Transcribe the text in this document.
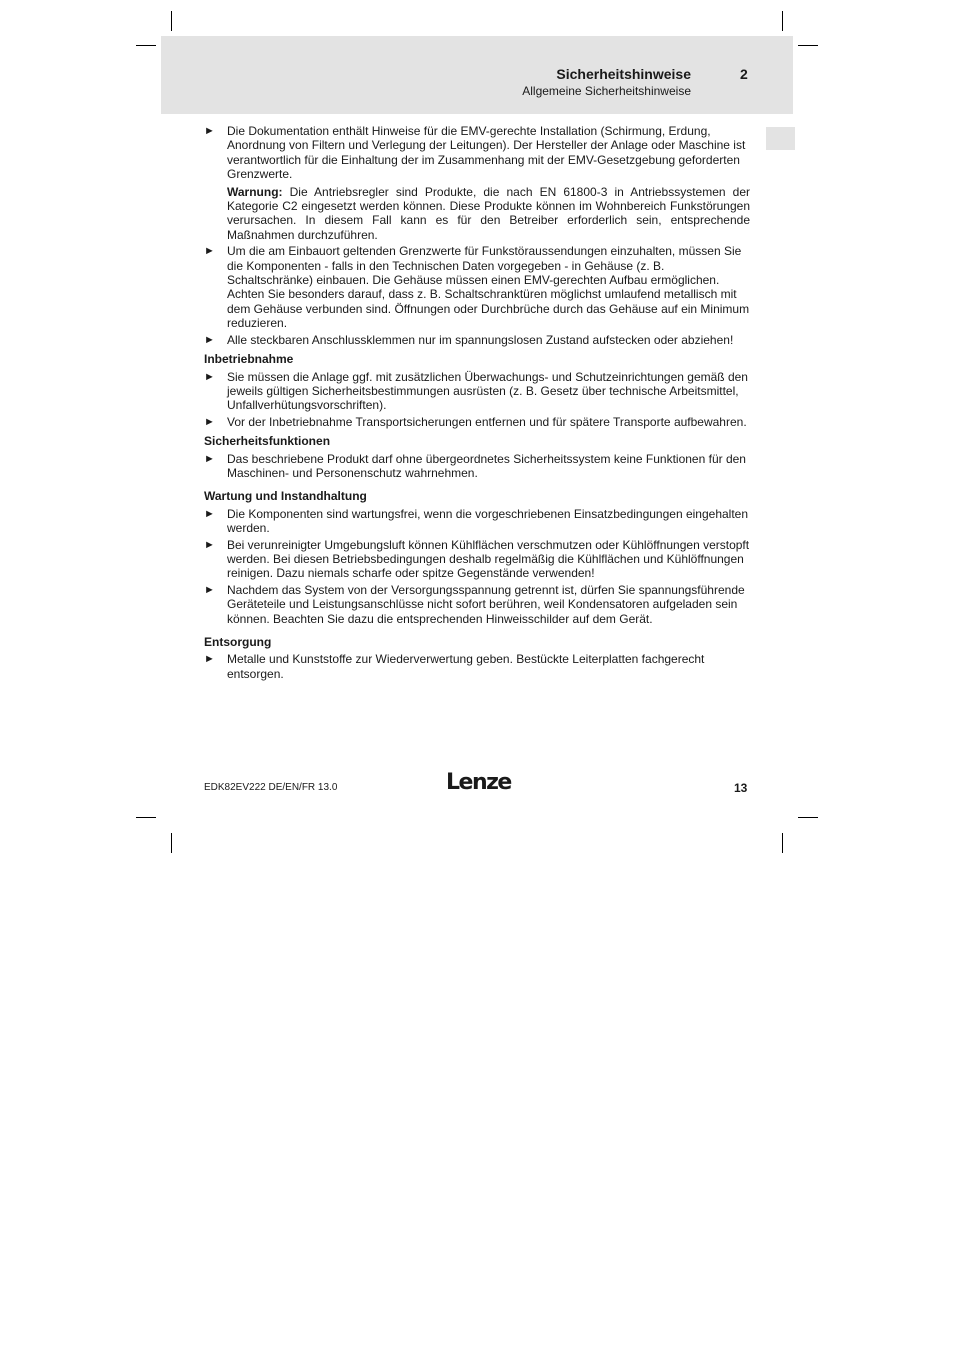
Sicherheitshinweise	2
Allgemeine Sicherheitshinweise
► Die Dokumentation enthält Hinweise für die EMV-gerechte Installation (Schirmung, Erdung, Anordnung von Filtern und Verlegung der Leitungen). Der Hersteller der Anlage oder Maschine ist verantwortlich für die Einhaltung der im Zusammenhang mit der EMV-Gesetzgebung geforderten Grenzwerte.

Warnung: Die Antriebsregler sind Produkte, die nach EN 61800-3 in Antriebssystemen der Kategorie C2 eingesetzt werden können. Diese Produkte können im Wohnbereich Funkstörungen verursachen. In diesem Fall kann es für den Betreiber erforderlich sein, entsprechende Maßnahmen durchzuführen.

► Um die am Einbauort geltenden Grenzwerte für Funkstöraussendungen einzuhalten, müssen Sie die Komponenten - falls in den Technischen Daten vorgegeben - in Gehäuse (z. B. Schaltschränke) einbauen. Die Gehäuse müssen einen EMV-gerechten Aufbau ermöglichen. Achten Sie besonders darauf, dass z. B. Schaltschranktüren möglichst umlaufend metallisch mit dem Gehäuse verbunden sind. Öffnungen oder Durchbrüche durch das Gehäuse auf ein Minimum reduzieren.

► Alle steckbaren Anschlussklemmen nur im spannungslosen Zustand aufstecken oder abziehen!

Inbetriebnahme
► Sie müssen die Anlage ggf. mit zusätzlichen Überwachungs- und Schutzeinrichtungen gemäß den jeweils gültigen Sicherheitsbestimmungen ausrüsten (z. B. Gesetz über technische Arbeitsmittel, Unfallverhütungsvorschriften).

► Vor der Inbetriebnahme Transportsicherungen entfernen und für spätere Transporte aufbewahren.

Sicherheitsfunktionen
► Das beschriebene Produkt darf ohne übergeordnetes Sicherheitssystem keine Funktionen für den Maschinen- und Personenschutz wahrnehmen.

Wartung und Instandhaltung
► Die Komponenten sind wartungsfrei, wenn die vorgeschriebenen Einsatzbedingungen eingehalten werden.

► Bei verunreinigter Umgebungsluft können Kühlflächen verschmutzen oder Kühlöffnungen verstopft werden. Bei diesen Betriebsbedingungen deshalb regelmäßig die Kühlflächen und Kühlöffnungen reinigen. Dazu niemals scharfe oder spitze Gegenstände verwenden!

► Nachdem das System von der Versorgungsspannung getrennt ist, dürfen Sie spannungsführende Geräteteile und Leistungsanschlüsse nicht sofort berühren, weil Kondensatoren aufgeladen sein können. Beachten Sie dazu die entsprechenden Hinweisschilder auf dem Gerät.

Entsorgung
► Metalle und Kunststoffe zur Wiederverwertung geben. Bestückte Leiterplatten fachgerecht entsorgen.

EDK82EV222 DE/EN/FR 13.0	Lenze	13
